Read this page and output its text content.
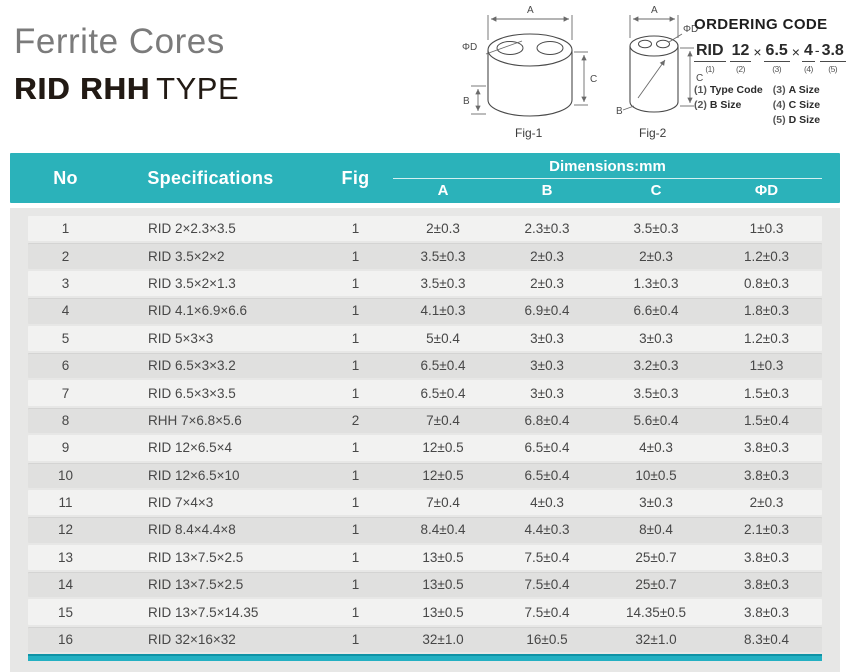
Ferrite Cores
RID RHH TYPE
ΦD
A
C
B
Fig-1
A
ΦD
C
B
Fig-2
ORDERING CODE
RID
(1)
12
(2)
× 6.5
(3)
× 4
(4)
- 3.8
(5)
(1) Type Code
(2) B Size
(3) A Size
(4) C Size
(5) D Size
No	Specifications	Fig
Dimensions:mm
A	B	C	ΦD
1	RID 2×2.3×3.5	1	2±0.3	2.3±0.3	3.5±0.3	1±0.3
2	RID 3.5×2×2	1	3.5±0.3	2±0.3	2±0.3	1.2±0.3
3	RID 3.5×2×1.3	1	3.5±0.3	2±0.3	1.3±0.3	0.8±0.3
4	RID 4.1×6.9×6.6	1	4.1±0.3	6.9±0.4	6.6±0.4	1.8±0.3
5	RID 5×3×3	1	5±0.4	3±0.3	3±0.3	1.2±0.3
6	RID 6.5×3×3.2	1	6.5±0.4	3±0.3	3.2±0.3	1±0.3
7	RID 6.5×3×3.5	1	6.5±0.4	3±0.3	3.5±0.3	1.5±0.3
8	RHH 7×6.8×5.6	2	7±0.4	6.8±0.4	5.6±0.4	1.5±0.4
9	RID 12×6.5×4	1	12±0.5	6.5±0.4	4±0.3	3.8±0.3
10	RID 12×6.5×10	1	12±0.5	6.5±0.4	10±0.5	3.8±0.3
11	RID 7×4×3	1	7±0.4	4±0.3	3±0.3	2±0.3
12	RID 8.4×4.4×8	1	8.4±0.4	4.4±0.3	8±0.4	2.1±0.3
13	RID 13×7.5×2.5	1	13±0.5	7.5±0.4	25±0.7	3.8±0.3
14	RID 13×7.5×2.5	1	13±0.5	7.5±0.4	25±0.7	3.8±0.3
15	RID 13×7.5×14.35	1	13±0.5	7.5±0.4	14.35±0.5	3.8±0.3
16	RID 32×16×32	1	32±1.0	16±0.5	32±1.0	8.3±0.4
